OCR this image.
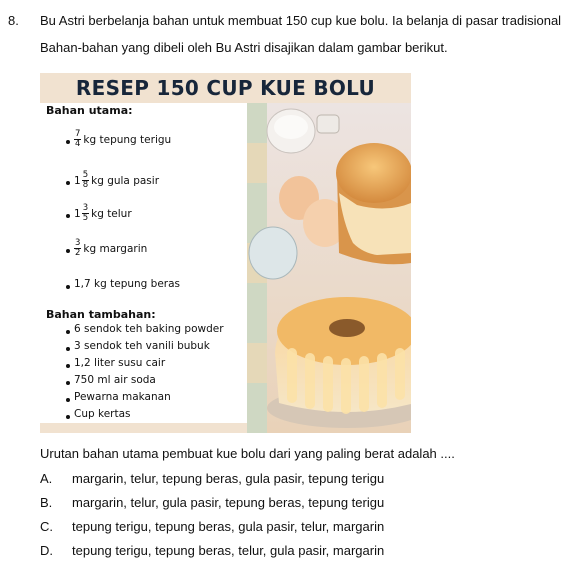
8. Bu Astri berbelanja bahan untuk membuat 150 cup kue bolu. Ia belanja di pasar tradisional
Bahan-bahan yang dibeli oleh Bu Astri disajikan dalam gambar berikut.
RESEP 150 CUP KUE BOLU
Bahan utama:
$\frac{7}{4}$ kg tepung terigu
$1 \frac{5}{8}$ kg gula pasir
$1 \frac{3}{5}$ kg telur
$\frac{3}{2}$ kg margarin
1,7 kg tepung beras
Bahan tambahan:
6 sendok teh baking powder
3 sendok teh vanili bubuk
1,2 liter susu cair
750 ml air soda
Pewarna makanan
Cup kertas
Urutan bahan utama pembuat kue bolu dari yang paling berat adalah ....
A. margarin, telur, tepung beras, gula pasir, tepung terigu
B. margarin, telur, gula pasir, tepung beras, tepung terigu
C. tepung terigu, tepung beras, gula pasir, telur, margarin
D. tepung terigu, tepung beras, telur, gula pasir, margarin
